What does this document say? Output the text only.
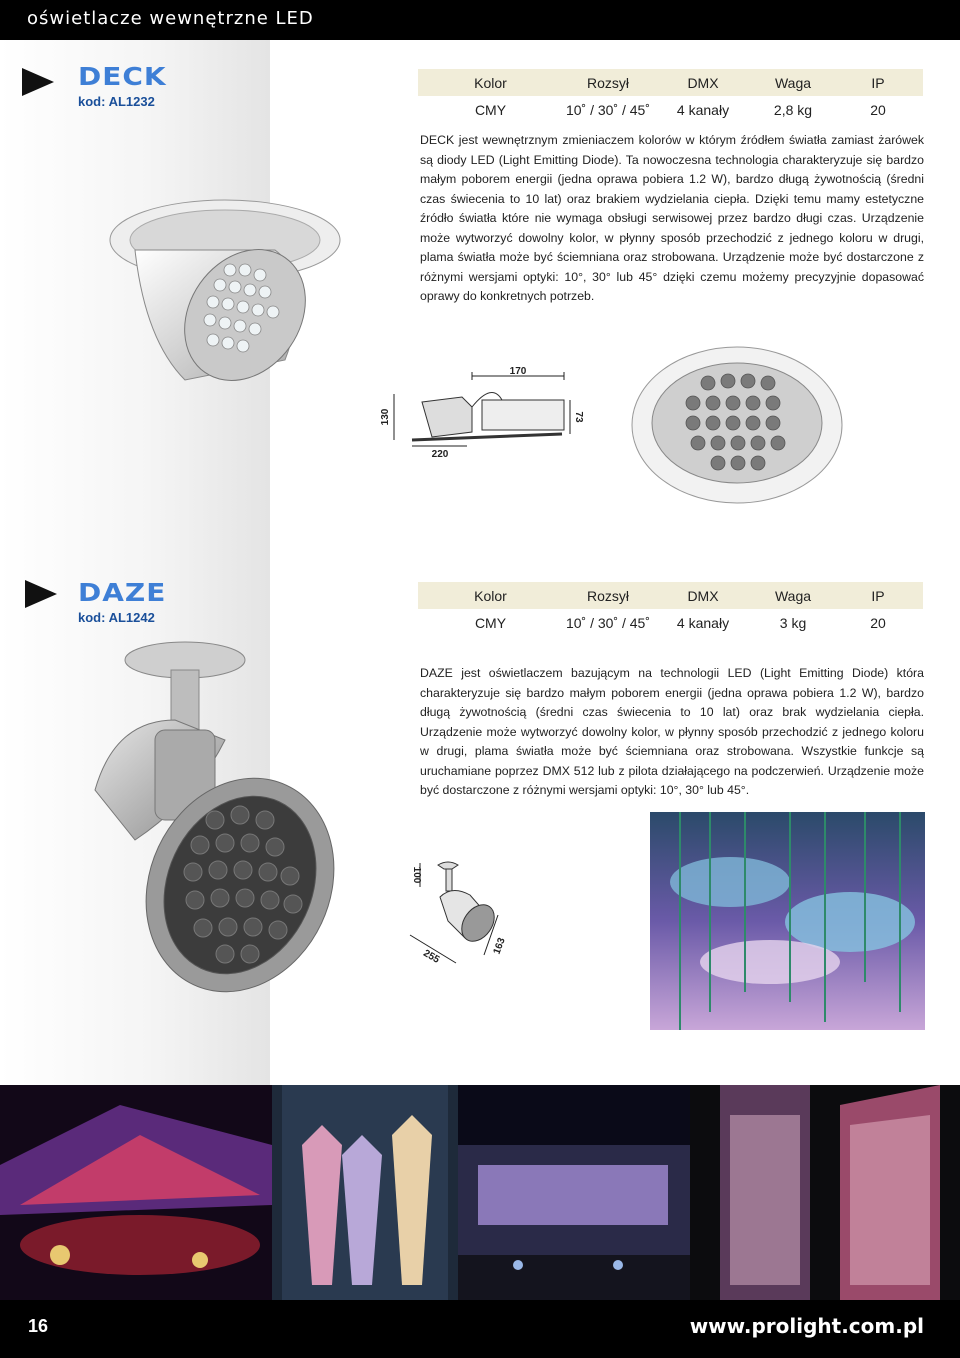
oświetlacze wewnętrzne LED
DECK
kod: AL1232
Kolor	Rozsył	DMX	Waga	IP
CMY	10˚ / 30˚ / 45˚	4 kanały	2,8 kg	20
DECK jest wewnętrznym zmieniaczem kolorów w którym źródłem światła zamiast żarówek są diody LED (Light Emitting Diode). Ta nowoczesna technologia charakteryzuje się bardzo małym poborem energii (jedna oprawa pobiera 1.2 W), bardzo długą żywotnością (średni czas świecenia to 10 lat) oraz brakiem wydzielania ciepła. Dzięki temu mamy estetyczne źródło światła które nie wymaga obsługi serwisowej przez bardzo długi czas. Urządzenie może wytworzyć dowolny kolor, w płynny sposób przechodzić z jednego koloru w drugi, plama światła może być ściemniana oraz strobowana. Urządzenie może być dostarczone z różnymi wersjami optyki: 10°, 30° lub 45° dzięki czemu możemy precyzyjnie dopasować oprawy do konkretnych potrzeb.
170
130	73
220
DAZE
kod: AL1242
Kolor	Rozsył	DMX	Waga	IP
CMY	10˚ / 30˚ / 45˚	4 kanały	3 kg	20
DAZE jest oświetlaczem bazującym na technologii LED (Light Emitting Diode) która charakteryzuje się bardzo małym poborem energii (jedna oprawa pobiera 1.2 W), bardzo długą żywotnością (średni czas świecenia to 10 lat) oraz brak wydzielania ciepła. Urządzenie może wytworzyć dowolny kolor, w płynny sposób przechodzić z jednego koloru w drugi, plama światła może być ściemniana oraz strobowana. Wszystkie funkcje są uruchamiane poprzez DMX 512 lub z pilota działającego na podczerwień. Urządzenie może być dostarczone z różnymi wersjami optyki: 10°, 30° lub 45°.
100
255
163
16	www.prolight.com.pl
